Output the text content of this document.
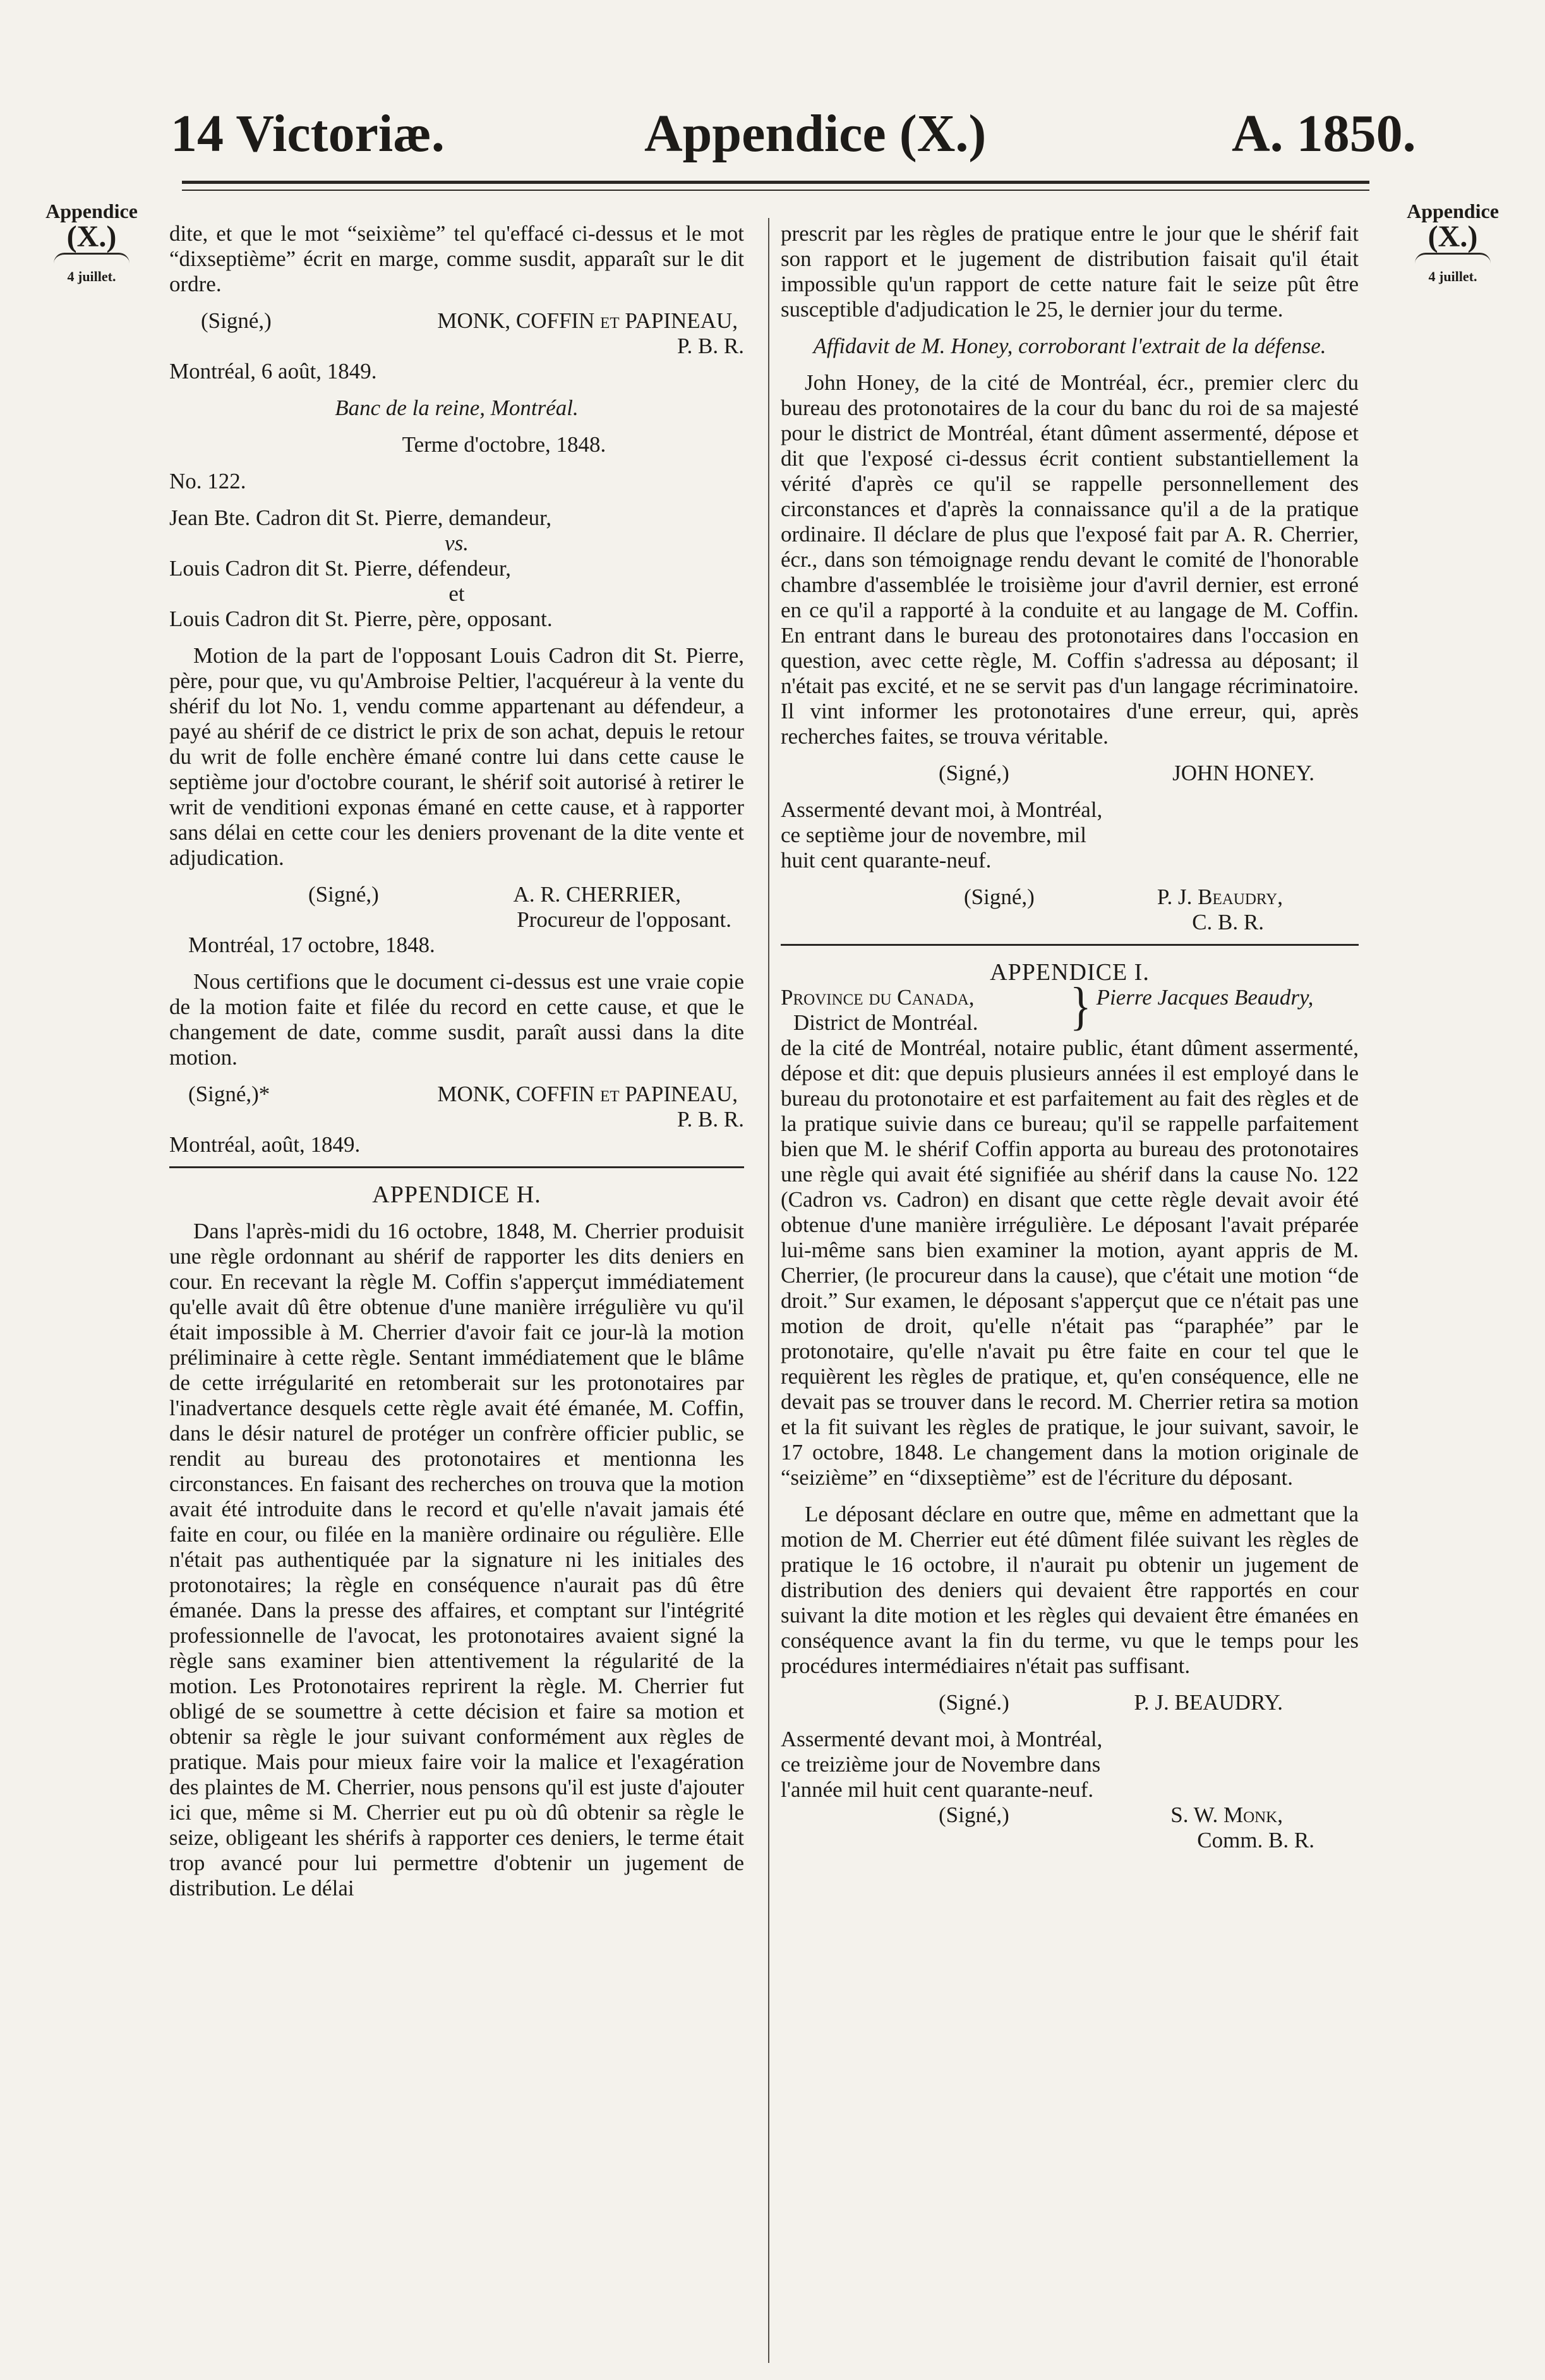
14 Victoriæ.	Appendice (X.)	A. 1850.
Appendice
(X.)
4 juillet.
Appendice
(X.)
4 juillet.

dite, et que le mot “seixième” tel qu'effacé ci-dessus et le mot “dixseptième” écrit en marge, comme susdit, apparaît sur le dit ordre.

(Signé,)	MONK, COFFIN et PAPINEAU,
P. B. R.
Montréal, 6 août, 1849.
Banc de la reine, Montréal.
Terme d'octobre, 1848.
No. 122.
Jean Bte. Cadron dit St. Pierre, demandeur,
vs.
Louis Cadron dit St. Pierre, défendeur,
et
Louis Cadron dit St. Pierre, père, opposant.

Motion de la part de l'opposant Louis Cadron dit St. Pierre, père, pour que, vu qu'Ambroise Peltier, l'acquéreur à la vente du shérif du lot No. 1, vendu comme appartenant au défendeur, a payé au shérif de ce district le prix de son achat, depuis le retour du writ de folle enchère émané contre lui dans cette cause le septième jour d'octobre courant, le shérif soit autorisé à retirer le writ de venditioni exponas émané en cette cause, et à rapporter sans délai en cette cour les deniers provenant de la dite vente et adjudication.

(Signé,)	A. R. CHERRIER,
Procureur de l'opposant.
Montréal, 17 octobre, 1848.

Nous certifions que le document ci-dessus est une vraie copie de la motion faite et filée du record en cette cause, et que le changement de date, comme susdit, paraît aussi dans la dite motion.

(Signé,)*	MONK, COFFIN et PAPINEAU,
P. B. R.
Montréal, août, 1849.
APPENDICE H.

Dans l'après-midi du 16 octobre, 1848, M. Cherrier produisit une règle ordonnant au shérif de rapporter les dits deniers en cour. En recevant la règle M. Coffin s'apperçut immédiatement qu'elle avait dû être obtenue d'une manière irrégulière vu qu'il était impossible à M. Cherrier d'avoir fait ce jour-là la motion préliminaire à cette règle. Sentant immédiatement que le blâme de cette irrégularité en retomberait sur les protonotaires par l'inadvertance desquels cette règle avait été émanée, M. Coffin, dans le désir naturel de protéger un confrère officier public, se rendit au bureau des protonotaires et mentionna les circonstances. En faisant des recherches on trouva que la motion avait été introduite dans le record et qu'elle n'avait jamais été faite en cour, ou filée en la manière ordinaire ou régulière. Elle n'était pas authentiquée par la signature ni les initiales des protonotaires; la règle en conséquence n'aurait pas dû être émanée. Dans la presse des affaires, et comptant sur l'intégrité professionnelle de l'avocat, les protonotaires avaient signé la règle sans examiner bien attentivement la régularité de la motion. Les Protonotaires reprirent la règle. M. Cherrier fut obligé de se soumettre à cette décision et faire sa motion et obtenir sa règle le jour suivant conformément aux règles de pratique. Mais pour mieux faire voir la malice et l'exagération des plaintes de M. Cherrier, nous pensons qu'il est juste d'ajouter ici que, même si M. Cherrier eut pu où dû obtenir sa règle le seize, obligeant les shérifs à rapporter ces deniers, le terme était trop avancé pour lui permettre d'obtenir un jugement de distribution. Le délai

prescrit par les règles de pratique entre le jour que le shérif fait son rapport et le jugement de distribution faisait qu'il était impossible qu'un rapport de cette nature fait le seize pût être susceptible d'adjudication le 25, le dernier jour du terme.

Affidavit de M. Honey, corroborant l'extrait de la défense.

John Honey, de la cité de Montréal, écr., premier clerc du bureau des protonotaires de la cour du banc du roi de sa majesté pour le district de Montréal, étant dûment assermenté, dépose et dit que l'exposé ci-dessus écrit contient substantiellement la vérité d'après ce qu'il se rappelle personnellement des circonstances et d'après la connaissance qu'il a de la pratique ordinaire. Il déclare de plus que l'exposé fait par A. R. Cherrier, écr., dans son témoignage rendu devant le comité de l'honorable chambre d'assemblée le troisième jour d'avril dernier, est erroné en ce qu'il a rapporté à la conduite et au langage de M. Coffin. En entrant dans le bureau des protonotaires dans l'occasion en question, avec cette règle, M. Coffin s'adressa au déposant; il n'était pas excité, et ne se servit pas d'un langage récriminatoire. Il vint informer les protonotaires d'une erreur, qui, après recherches faites, se trouva véritable.

(Signé,)	JOHN HONEY.
Assermenté devant moi, à Montréal, ce septième jour de novembre, mil huit cent quarante-neuf.
(Signé,)	P. J. Beaudry,
C. B. R.
APPENDICE I.
Province du Canada,
District de Montréal.	} Pierre Jacques Beaudry,

de la cité de Montréal, notaire public, étant dûment assermenté, dépose et dit: que depuis plusieurs années il est employé dans le bureau du protonotaire et est parfaitement au fait des règles et de la pratique suivie dans ce bureau; qu'il se rappelle parfaitement bien que M. le shérif Coffin apporta au bureau des protonotaires une règle qui avait été signifiée au shérif dans la cause No. 122 (Cadron vs. Cadron) en disant que cette règle devait avoir été obtenue d'une manière irrégulière. Le déposant l'avait préparée lui-même sans bien examiner la motion, ayant appris de M. Cherrier, (le procureur dans la cause), que c'était une motion “de droit.” Sur examen, le déposant s'apperçut que ce n'était pas une motion de droit, qu'elle n'était pas “paraphée” par le protonotaire, qu'elle n'avait pu être faite en cour tel que le requièrent les règles de pratique, et, qu'en conséquence, elle ne devait pas se trouver dans le record. M. Cherrier retira sa motion et la fit suivant les règles de pratique, le jour suivant, savoir, le 17 octobre, 1848. Le changement dans la motion originale de “seizième” en “dixseptième” est de l'écriture du déposant.

Le déposant déclare en outre que, même en admettant que la motion de M. Cherrier eut été dûment filée suivant les règles de pratique le 16 octobre, il n'aurait pu obtenir un jugement de distribution des deniers qui devaient être rapportés en cour suivant la dite motion et les règles qui devaient être émanées en conséquence avant la fin du terme, vu que le temps pour les procédures intermédiaires n'était pas suffisant.

(Signé.)	P. J. BEAUDRY.
Assermenté devant moi, à Montréal, ce treizième jour de Novembre dans l'année mil huit cent quarante-neuf.
(Signé,)	S. W. Monk,
Comm. B. R.
